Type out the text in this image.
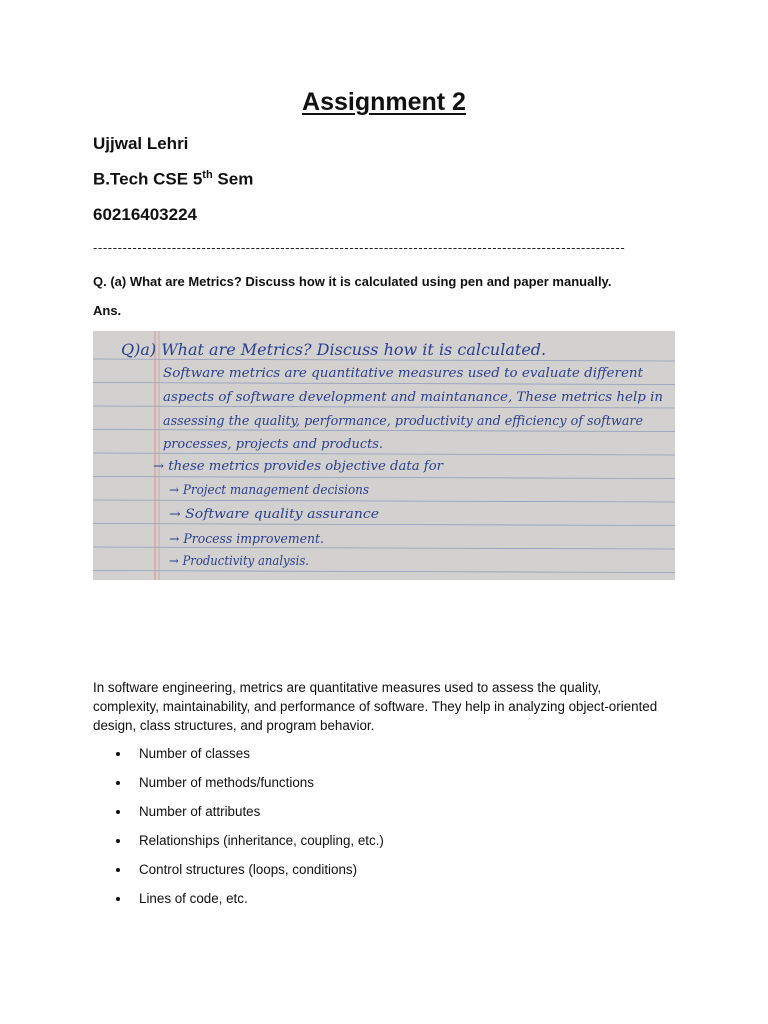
Assignment 2
Ujjwal Lehri
B.Tech CSE 5th Sem
60216403224
------------------------------------------------------------------------------------------------------------
Q. (a) What are Metrics? Discuss how it is calculated using pen and paper manually.
Ans.
Q)a) What are Metrics? Discuss how it is calculated.
Software metrics are quantitative measures used to evaluate different
aspects of software development and maintanance, These metrics help in
assessing the quality, performance, productivity and efficiency of software
processes, projects and products.
→ these metrics provides objective data for
→ Project management decisions
→ Software quality assurance
→ Process improvement.
→ Productivity analysis.
In software engineering, metrics are quantitative measures used to assess the quality, complexity, maintainability, and performance of software. They help in analyzing object-oriented design, class structures, and program behavior.
Number of classes
Number of methods/functions
Number of attributes
Relationships (inheritance, coupling, etc.)
Control structures (loops, conditions)
Lines of code, etc.
